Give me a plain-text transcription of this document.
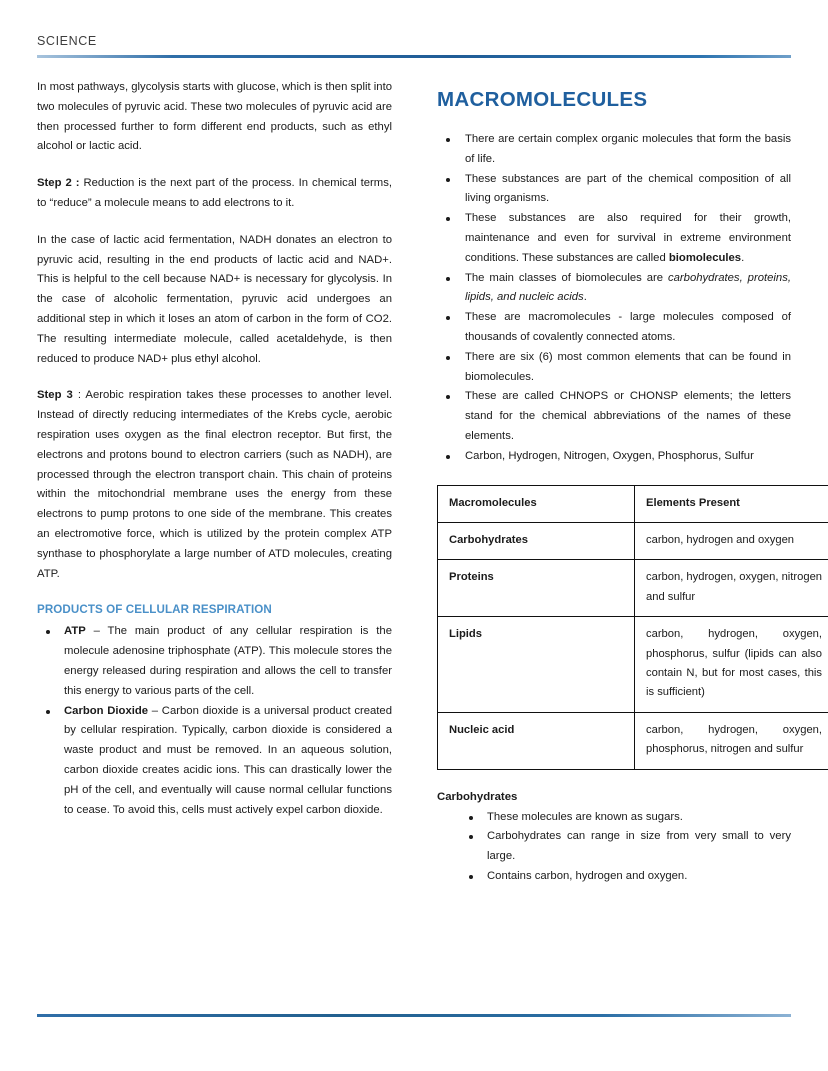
SCIENCE

In most pathways, glycolysis starts with glucose, which is then split into two molecules of pyruvic acid. These two molecules of pyruvic acid are then processed further to form different end products, such as ethyl alcohol or lactic acid.

Step 2 : Reduction is the next part of the process. In chemical terms, to “reduce” a molecule means to add electrons to it.

In the case of lactic acid fermentation, NADH donates an electron to pyruvic acid, resulting in the end products of lactic acid and NAD+. This is helpful to the cell because NAD+ is necessary for glycolysis. In the case of alcoholic fermentation, pyruvic acid undergoes an additional step in which it loses an atom of carbon in the form of CO2. The resulting intermediate molecule, called acetaldehyde, is then reduced to produce NAD+ plus ethyl alcohol.

Step 3 : Aerobic respiration takes these processes to another level. Instead of directly reducing intermediates of the Krebs cycle, aerobic respiration uses oxygen as the final electron receptor. But first, the electrons and protons bound to electron carriers (such as NADH), are processed through the electron transport chain. This chain of proteins within the mitochondrial membrane uses the energy from these electrons to pump protons to one side of the membrane. This creates an electromotive force, which is utilized by the protein complex ATP synthase to phosphorylate a large number of ATD molecules, creating ATP.

PRODUCTS OF CELLULAR RESPIRATION
ATP – The main product of any cellular respiration is the molecule adenosine triphosphate (ATP). This molecule stores the energy released during respiration and allows the cell to transfer this energy to various parts of the cell.
Carbon Dioxide – Carbon dioxide is a universal product created by cellular respiration. Typically, carbon dioxide is considered a waste product and must be removed. In an aqueous solution, carbon dioxide creates acidic ions. This can drastically lower the pH of the cell, and eventually will cause normal cellular functions to cease. To avoid this, cells must actively expel carbon dioxide.
MACROMOLECULES
There are certain complex organic molecules that form the basis of life.
These substances are part of the chemical composition of all living organisms.
These substances are also required for their growth, maintenance and even for survival in extreme environment conditions. These substances are called biomolecules.
The main classes of biomolecules are carbohydrates, proteins, lipids, and nucleic acids.
These are macromolecules - large molecules composed of thousands of covalently connected atoms.
There are six (6) most common elements that can be found in biomolecules.
These are called CHNOPS or CHONSP elements; the letters stand for the chemical abbreviations of the names of these elements.
Carbon, Hydrogen, Nitrogen, Oxygen, Phosphorus, Sulfur
Macromolecules	Elements Present
Carbohydrates	carbon, hydrogen and oxygen
Proteins	carbon, hydrogen, oxygen, nitrogen and sulfur
Lipids	carbon, hydrogen, oxygen, phosphorus, sulfur (lipids can also contain N, but for most cases, this is sufficient)
Nucleic acid	carbon, hydrogen, oxygen, phosphorus, nitrogen and sulfur
Carbohydrates
These molecules are known as sugars.
Carbohydrates can range in size from very small to very large.
Contains carbon, hydrogen and oxygen.
